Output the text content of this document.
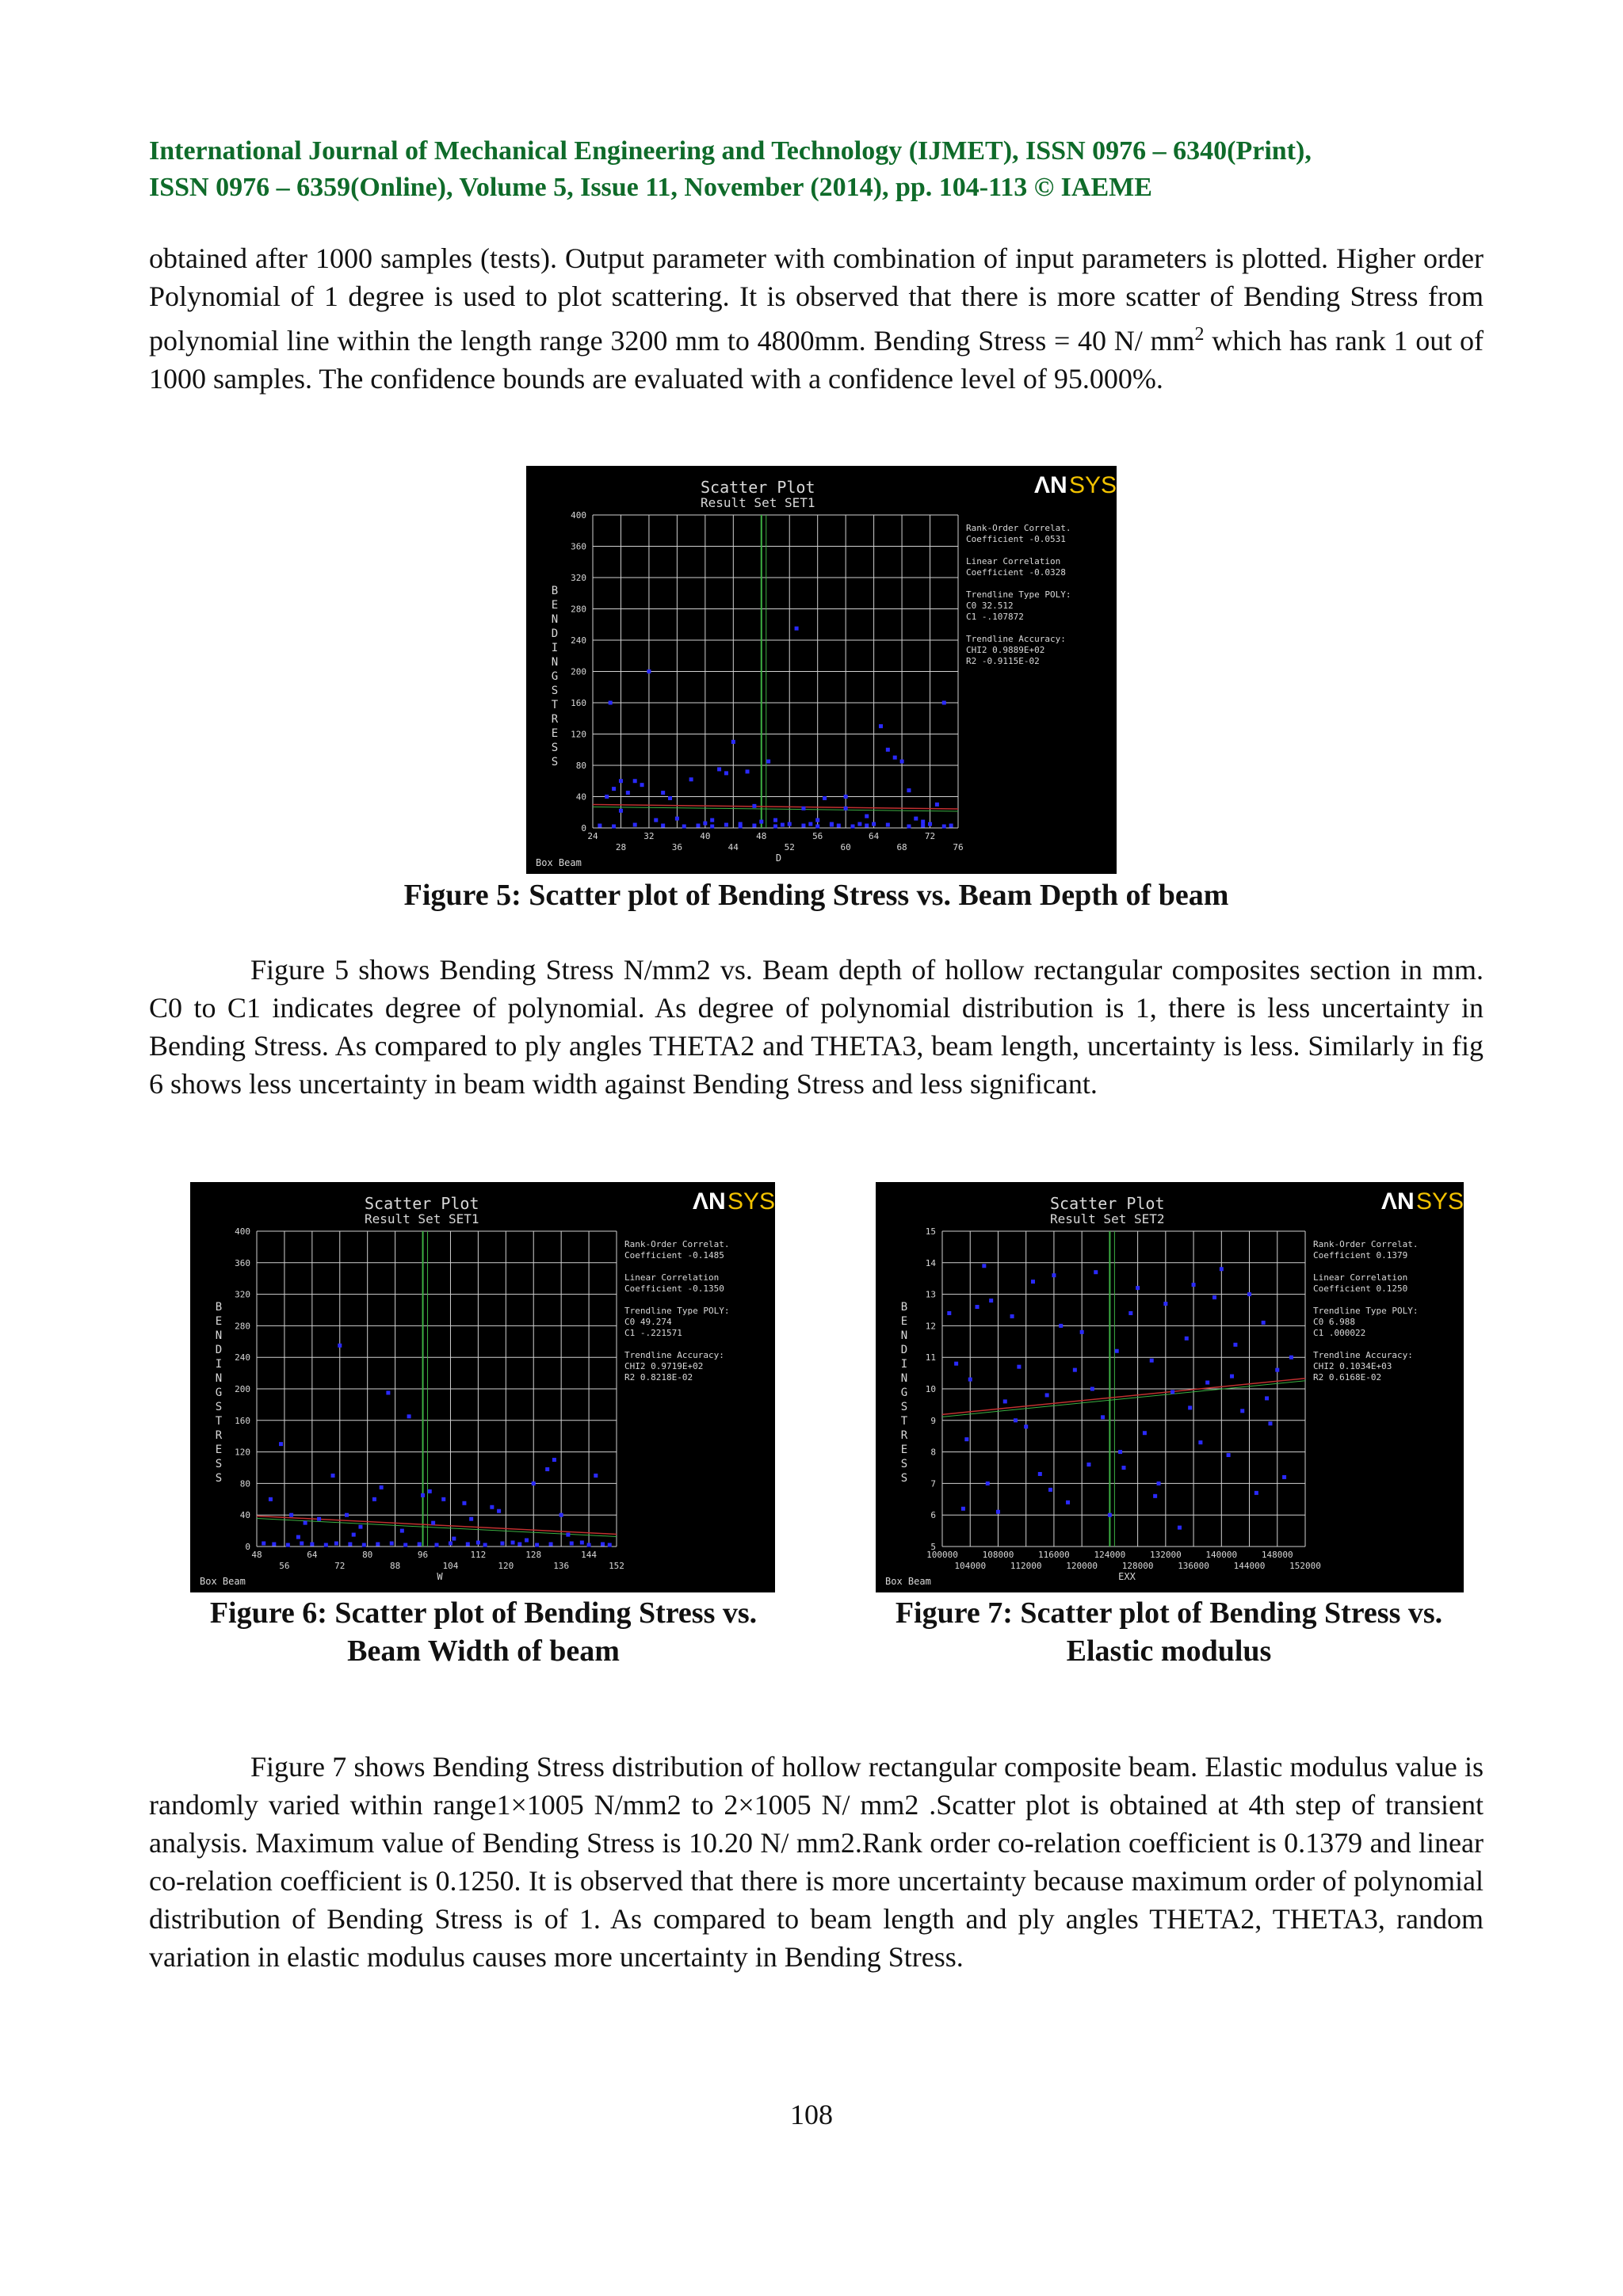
International Journal of Mechanical Engineering and Technology (IJMET), ISSN 0976 – 6340(Print),
ISSN 0976 – 6359(Online), Volume 5, Issue 11, November (2014), pp. 104-113 © IAEME

obtained after 1000 samples (tests). Output parameter with combination of input parameters is plotted. Higher order Polynomial of 1 degree is used to plot scattering. It is observed that there is more scatter of Bending Stress from polynomial line within the length range 3200 mm to 4800mm. Bending Stress = 40 N/ $mm^2$ which has rank 1 out of 1000 samples. The confidence bounds are evaluated with a confidence level of 95.000%.

Scatter Plot
Result Set SET1
ΛN SYS
0
40
80
120
160
200
240
280
320
360
400
24	32	40	48	56	64	72
28	36	44	52	60	68	76
D
B
E
N
D
I
N
G
S
T
R
E
S
S
Box Beam
Rank-Order Correlat.
Coefficient -0.0531
Linear Correlation
Coefficient -0.0328
Trendline Type POLY:
C0 32.512
C1 -.107872
Trendline Accuracy:
CHI2 0.9889E+02
R2 -0.9115E-02

Figure 5: Scatter plot of Bending Stress vs. Beam Depth of beam

Figure 5 shows Bending Stress N/mm2 vs. Beam depth of hollow rectangular composites section in mm. C0 to C1 indicates degree of polynomial. As degree of polynomial distribution is 1, there is less uncertainty in Bending Stress. As compared to ply angles THETA2 and THETA3, beam length, uncertainty is less. Similarly in fig 6 shows less uncertainty in beam width against Bending Stress and less significant.

Scatter Plot
Result Set SET1
ΛN SYS
0
40
80
120
160
200
240
280
320
360
400
48	64	80	96	112	128	144
56	72	88	104	120	136	152
W
B
E
N
D
I
N
G
S
T
R
E
S
S
Box Beam
Rank-Order Correlat.
Coefficient -0.1485
Linear Correlation
Coefficient -0.1350
Trendline Type POLY:
C0 49.274
C1 -.221571
Trendline Accuracy:
CHI2 0.9719E+02
R2 0.8218E-02
Scatter Plot
Result Set SET2
ΛN SYS
5
6
7
8
9
10
11
12
13
14
15
100000	108000	116000	124000	132000	140000	148000
104000	112000	120000	128000	136000	144000	152000
EXX
B
E
N
D
I
N
G
S
T
R
E
S
S
Box Beam
Rank-Order Correlat.
Coefficient 0.1379
Linear Correlation
Coefficient 0.1250
Trendline Type POLY:
C0 6.988
C1 .000022
Trendline Accuracy:
CHI2 0.1034E+03
R2 0.6168E-02
Figure 6: Scatter plot of Bending Stress vs.
Beam Width of beam
Figure 7: Scatter plot of Bending Stress vs.
Elastic modulus

Figure 7 shows Bending Stress distribution of hollow rectangular composite beam. Elastic modulus value is randomly varied within range1×1005 N/mm2 to 2×1005 N/ mm2 .Scatter plot is obtained at 4th step of transient analysis. Maximum value of Bending Stress is 10.20 N/ mm2.Rank order co-relation coefficient is 0.1379 and linear co-relation coefficient is 0.1250. It is observed that there is more uncertainty because maximum order of polynomial distribution of Bending Stress is of 1. As compared to beam length and ply angles THETA2, THETA3, random variation in elastic modulus causes more uncertainty in Bending Stress.

108
